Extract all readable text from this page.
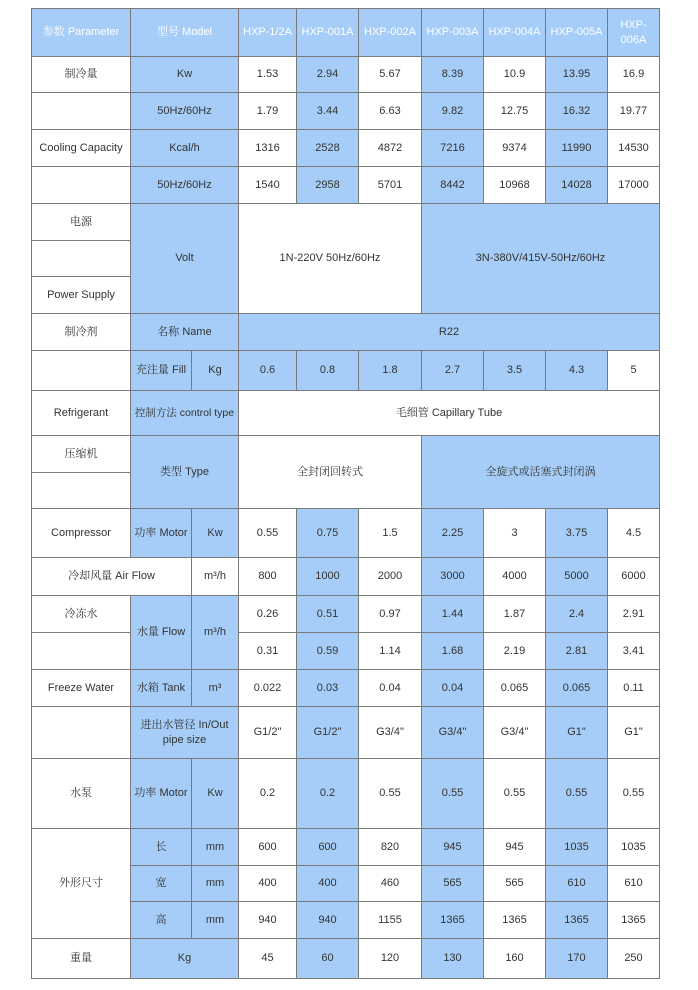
参数 Parameter	型号 Model		HXP-1/2A	HXP-001A	HXP-002A	HXP-003A	HXP-004A	HXP-005A	HXP-006A
制冷量	Kw		1.53	2.94	5.67	8.39	10.9	13.95	16.9
	50Hz/60Hz		1.79	3.44	6.63	9.82	12.75	16.32	19.77
Cooling Capacity	Kcal/h		1316	2528	4872	7216	9374	11990	14530
	50Hz/60Hz		1540	2958	5701	8442	10968	14028	17000
电源	Volt		1N-220V 50Hz/60Hz			3N-380V/415V-50Hz/60Hz			

Power Supply									
制冷剂	名称 Name		R22						
	充注量 Fill	Kg	0.6	0.8	1.8	2.7	3.5	4.3	5
Refrigerant	控制方法 control type		毛细管 Capillary Tube						
压缩机	类型 Type		全封闭回转式			全旋式或活塞式封闭涡			

Compressor	功率 Motor	Kw	0.55	0.75	1.5	2.25	3	3.75	4.5
冷却风量 Air Flow		m³/h	800	1000	2000	3000	4000	5000	6000
冷冻水	水量 Flow	m³/h	0.26	0.51	0.97	1.44	1.87	2.4	2.91
			0.31	0.59	1.14	1.68	2.19	2.81	3.41
Freeze Water	水箱 Tank	m³	0.022	0.03	0.04	0.04	0.065	0.065	0.11
	进出水管径 In/Out pipe size		G1/2"	G1/2"	G3/4"	G3/4"	G3/4"	G1"	G1"
水泵	功率 Motor	Kw	0.2	0.2	0.55	0.55	0.55	0.55	0.55
外形尺寸	长	mm	600	600	820	945	945	1035	1035
	宽	mm	400	400	460	565	565	610	610
	高	mm	940	940	1155	1365	1365	1365	1365
重量	Kg		45	60	120	130	160	170	250
